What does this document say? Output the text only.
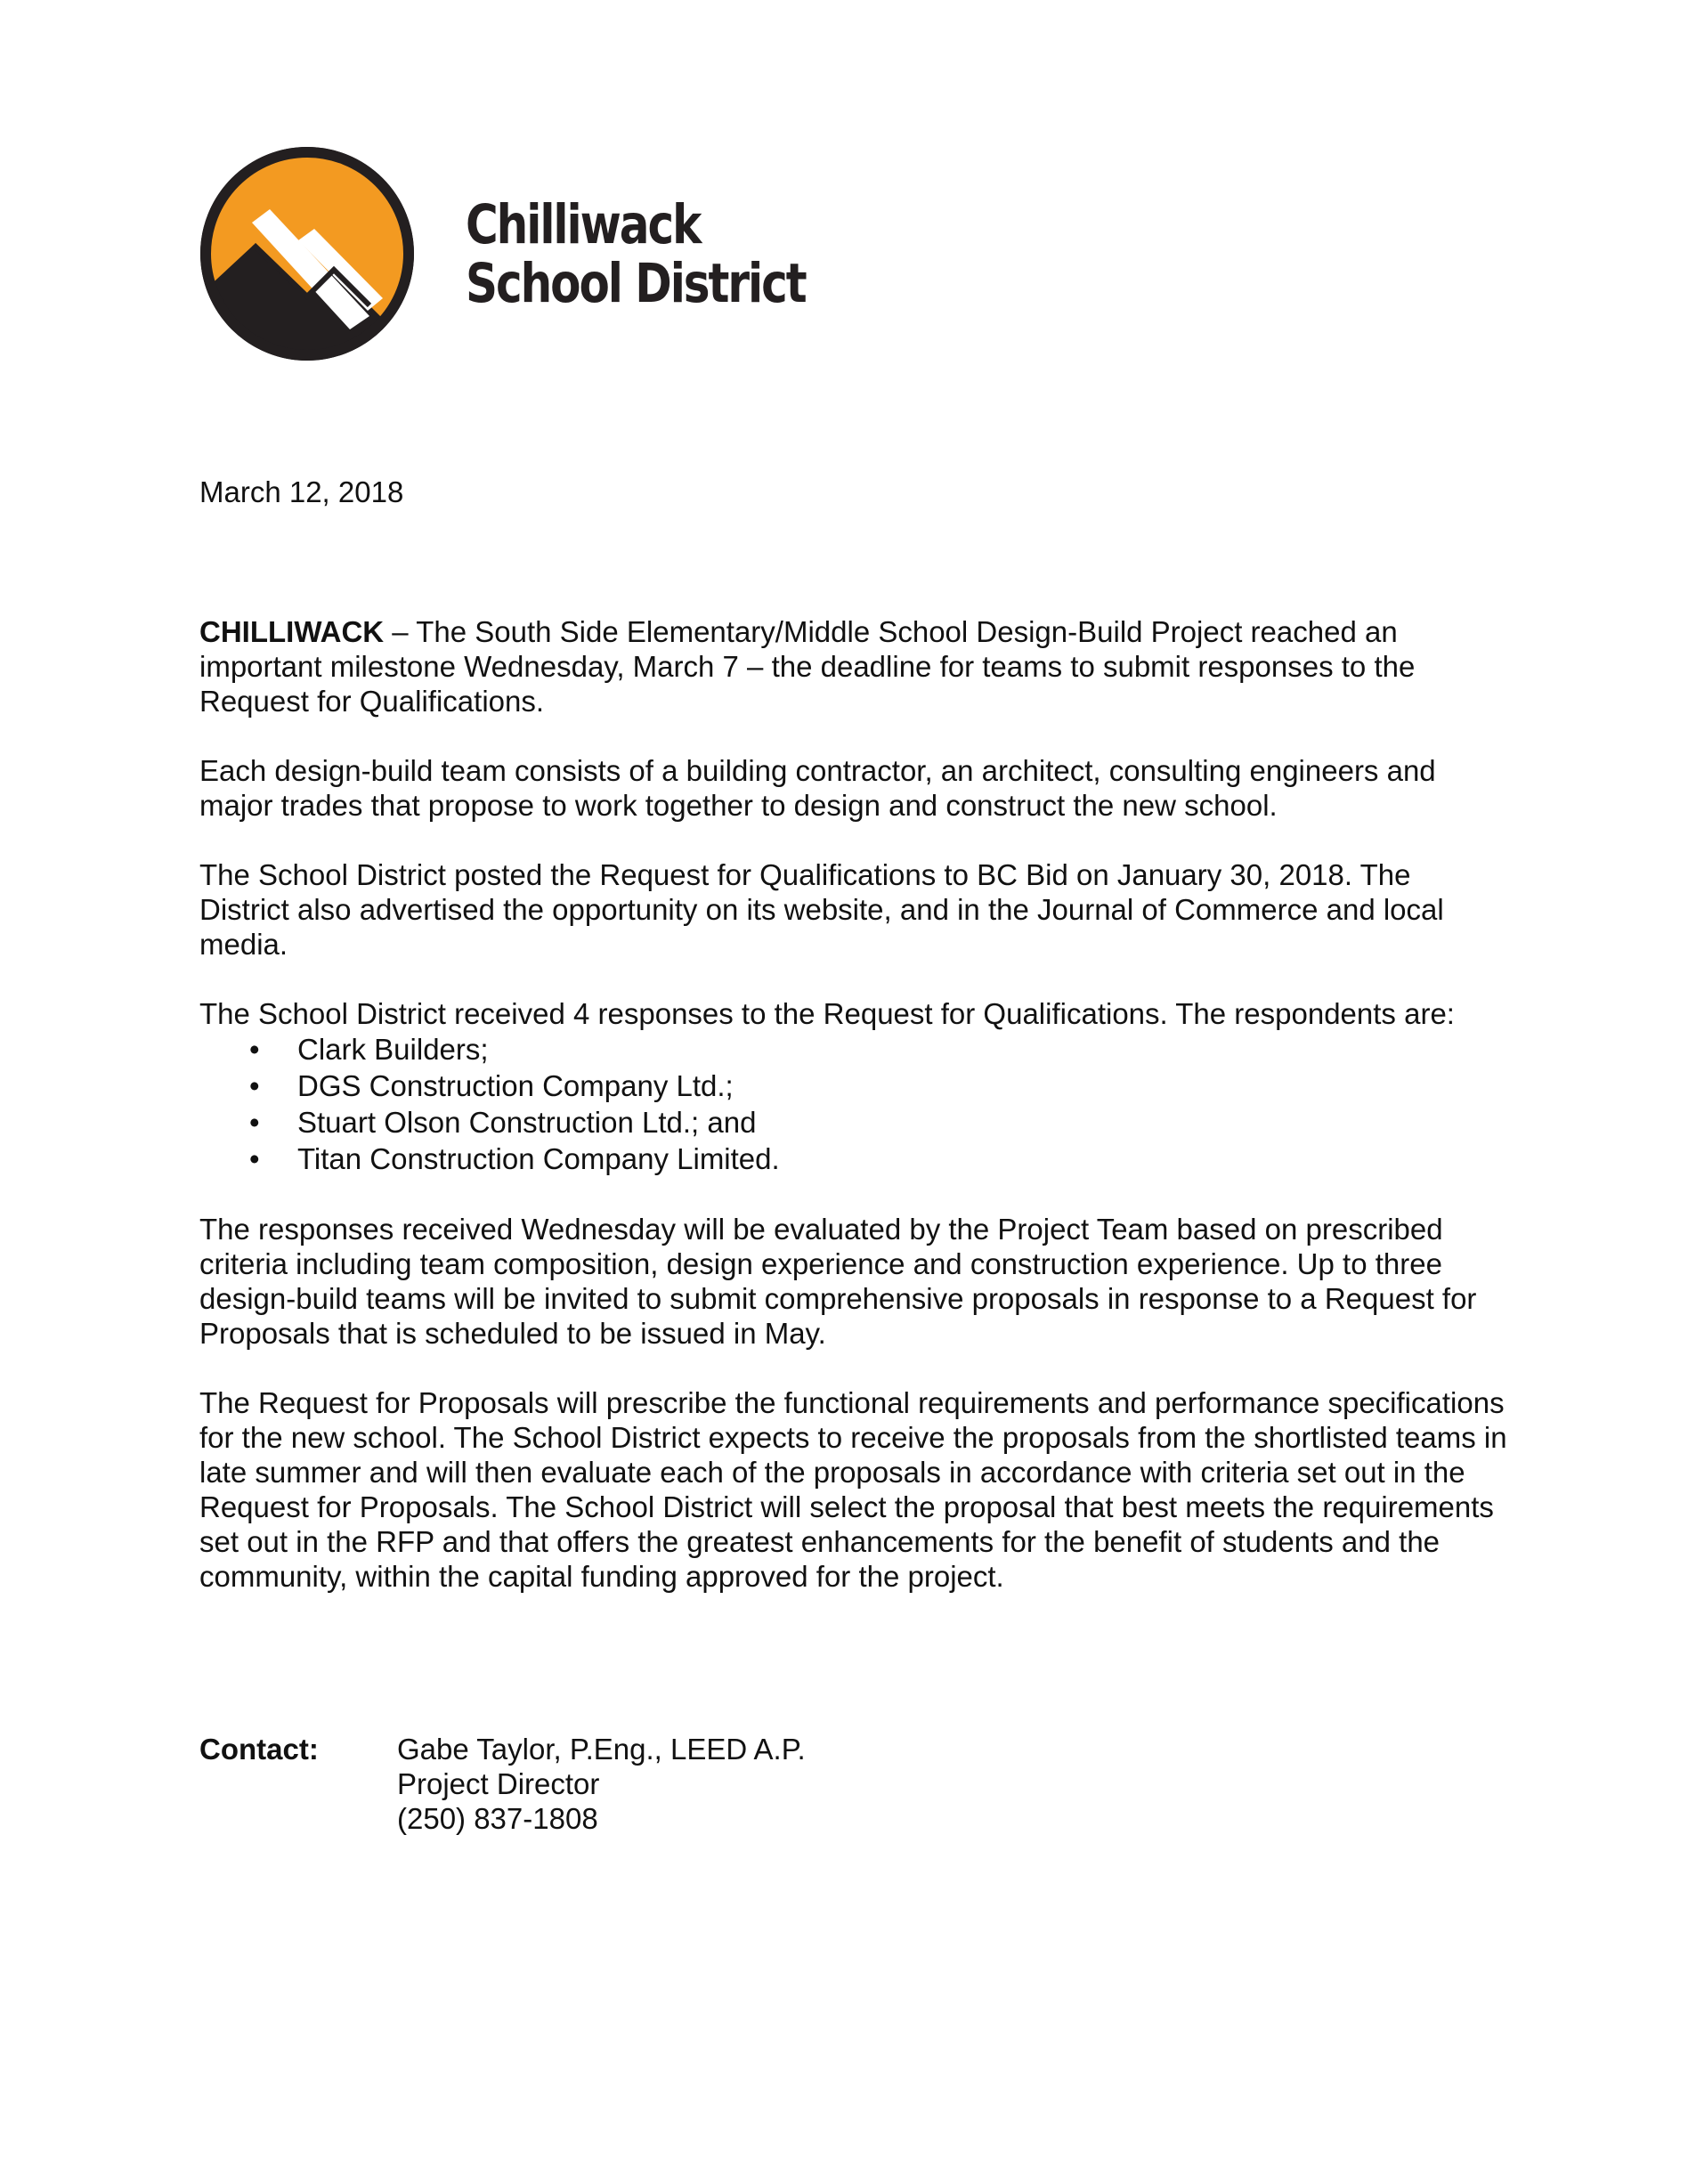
Chilliwack
School District
March 12, 2018

CHILLIWACK – The South Side Elementary/Middle School Design-Build Project reached an important milestone Wednesday, March 7 – the deadline for teams to submit responses to the Request for Qualifications.

Each design-build team consists of a building contractor, an architect, consulting engineers and major trades that propose to work together to design and construct the new school.

The School District posted the Request for Qualifications to BC Bid on January 30, 2018. The District also advertised the opportunity on its website, and in the Journal of Commerce and local media.

The School District received 4 responses to the Request for Qualifications. The respondents are:

• Clark Builders;
• DGS Construction Company Ltd.;
• Stuart Olson Construction Ltd.; and
• Titan Construction Company Limited.

The responses received Wednesday will be evaluated by the Project Team based on prescribed criteria including team composition, design experience and construction experience. Up to three design-build teams will be invited to submit comprehensive proposals in response to a Request for Proposals that is scheduled to be issued in May.

The Request for Proposals will prescribe the functional requirements and performance specifications for the new school. The School District expects to receive the proposals from the shortlisted teams in late summer and will then evaluate each of the proposals in accordance with criteria set out in the Request for Proposals. The School District will select the proposal that best meets the requirements set out in the RFP and that offers the greatest enhancements for the benefit of students and the community, within the capital funding approved for the project.

Contact:	Gabe Taylor, P.Eng., LEED A.P.
Project Director
(250) 837-1808
